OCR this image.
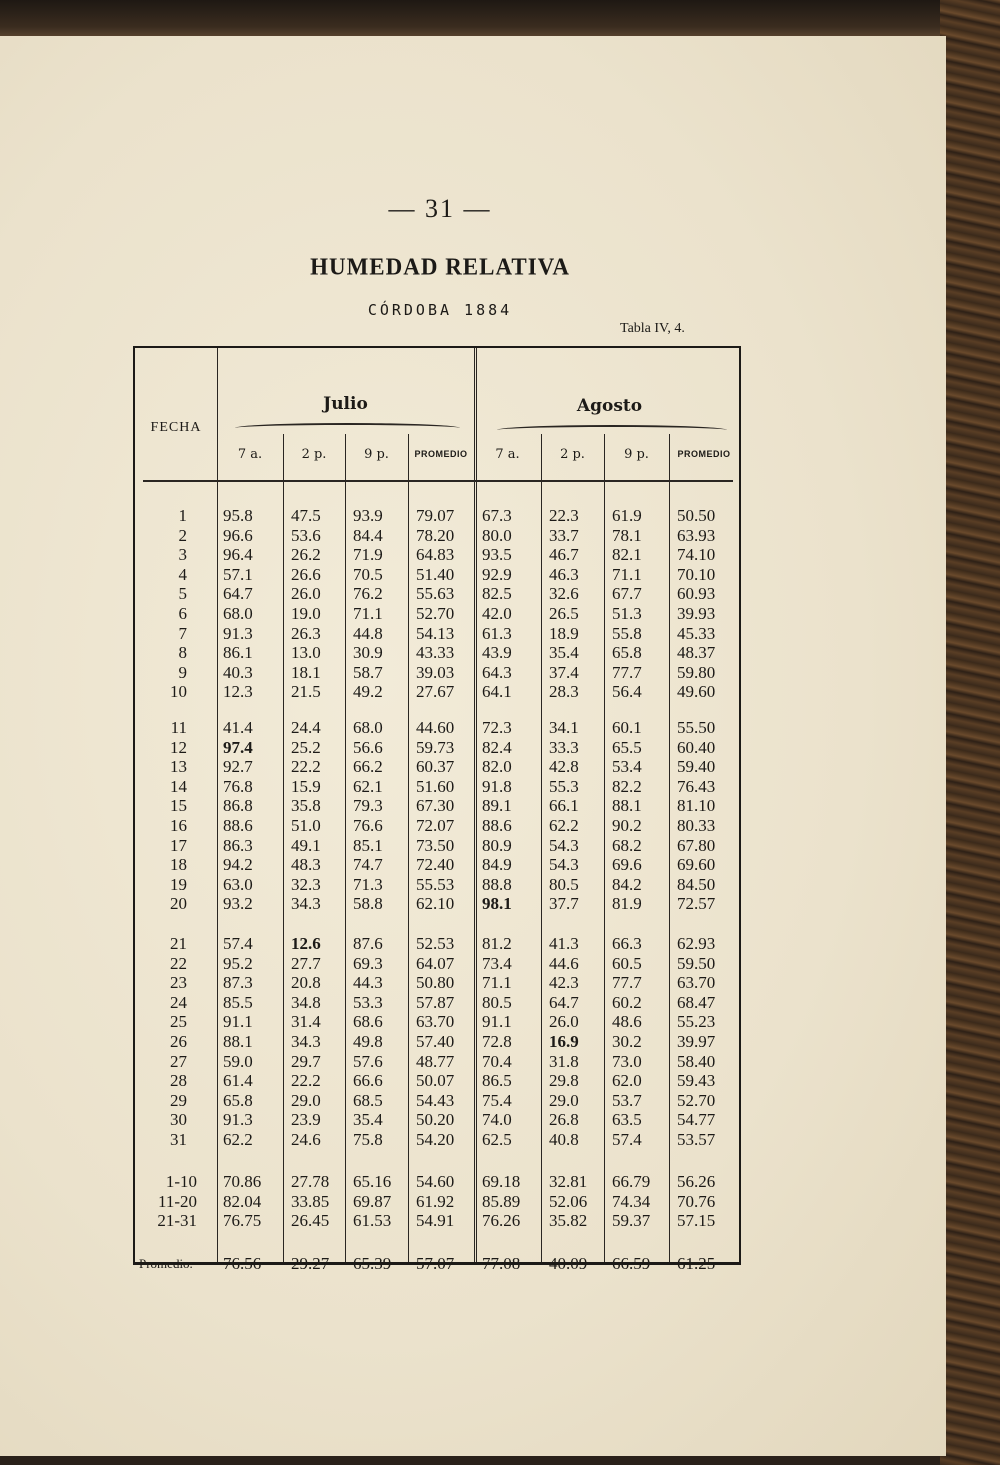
— 31 —
HUMEDAD RELATIVA
CÓRDOBA 1884
Tabla IV, 4.
FECHA
Julio	Agosto
7 a.	2 p.	9 p.	PROMEDIO	7 a.	2 p.	9 p.	PROMEDIO
1 95.8 47.5 93.9 79.07 67.3 22.3 61.9 50.50
2 96.6 53.6 84.4 78.20 80.0 33.7 78.1 63.93
3 96.4 26.2 71.9 64.83 93.5 46.7 82.1 74.10
4 57.1 26.6 70.5 51.40 92.9 46.3 71.1 70.10
5 64.7 26.0 76.2 55.63 82.5 32.6 67.7 60.93
6 68.0 19.0 71.1 52.70 42.0 26.5 51.3 39.93
7 91.3 26.3 44.8 54.13 61.3 18.9 55.8 45.33
8 86.1 13.0 30.9 43.33 43.9 35.4 65.8 48.37
9 40.3 18.1 58.7 39.03 64.3 37.4 77.7 59.80
10 12.3 21.5 49.2 27.67 64.1 28.3 56.4 49.60
11 41.4 24.4 68.0 44.60 72.3 34.1 60.1 55.50
12 97.4 25.2 56.6 59.73 82.4 33.3 65.5 60.40
13 92.7 22.2 66.2 60.37 82.0 42.8 53.4 59.40
14 76.8 15.9 62.1 51.60 91.8 55.3 82.2 76.43
15 86.8 35.8 79.3 67.30 89.1 66.1 88.1 81.10
16 88.6 51.0 76.6 72.07 88.6 62.2 90.2 80.33
17 86.3 49.1 85.1 73.50 80.9 54.3 68.2 67.80
18 94.2 48.3 74.7 72.40 84.9 54.3 69.6 69.60
19 63.0 32.3 71.3 55.53 88.8 80.5 84.2 84.50
20 93.2 34.3 58.8 62.10 98.1 37.7 81.9 72.57
21 57.4 12.6 87.6 52.53 81.2 41.3 66.3 62.93
22 95.2 27.7 69.3 64.07 73.4 44.6 60.5 59.50
23 87.3 20.8 44.3 50.80 71.1 42.3 77.7 63.70
24 85.5 34.8 53.3 57.87 80.5 64.7 60.2 68.47
25 91.1 31.4 68.6 63.70 91.1 26.0 48.6 55.23
26 88.1 34.3 49.8 57.40 72.8 16.9 30.2 39.97
27 59.0 29.7 57.6 48.77 70.4 31.8 73.0 58.40
28 61.4 22.2 66.6 50.07 86.5 29.8 62.0 59.43
29 65.8 29.0 68.5 54.43 75.4 29.0 53.7 52.70
30 91.3 23.9 35.4 50.20 74.0 26.8 63.5 54.77
31 62.2 24.6 75.8 54.20 62.5 40.8 57.4 53.57
1-10 70.86 27.78 65.16 54.60 69.18 32.81 66.79 56.26
11-20 82.04 33.85 69.87 61.92 85.89 52.06 74.34 70.76
21-31 76.75 26.45 61.53 54.91 76.26 35.82 59.37 57.15
Promedio.	76.56 29.27 65.39 57.07 77.08 40.09 66.59 61.25
